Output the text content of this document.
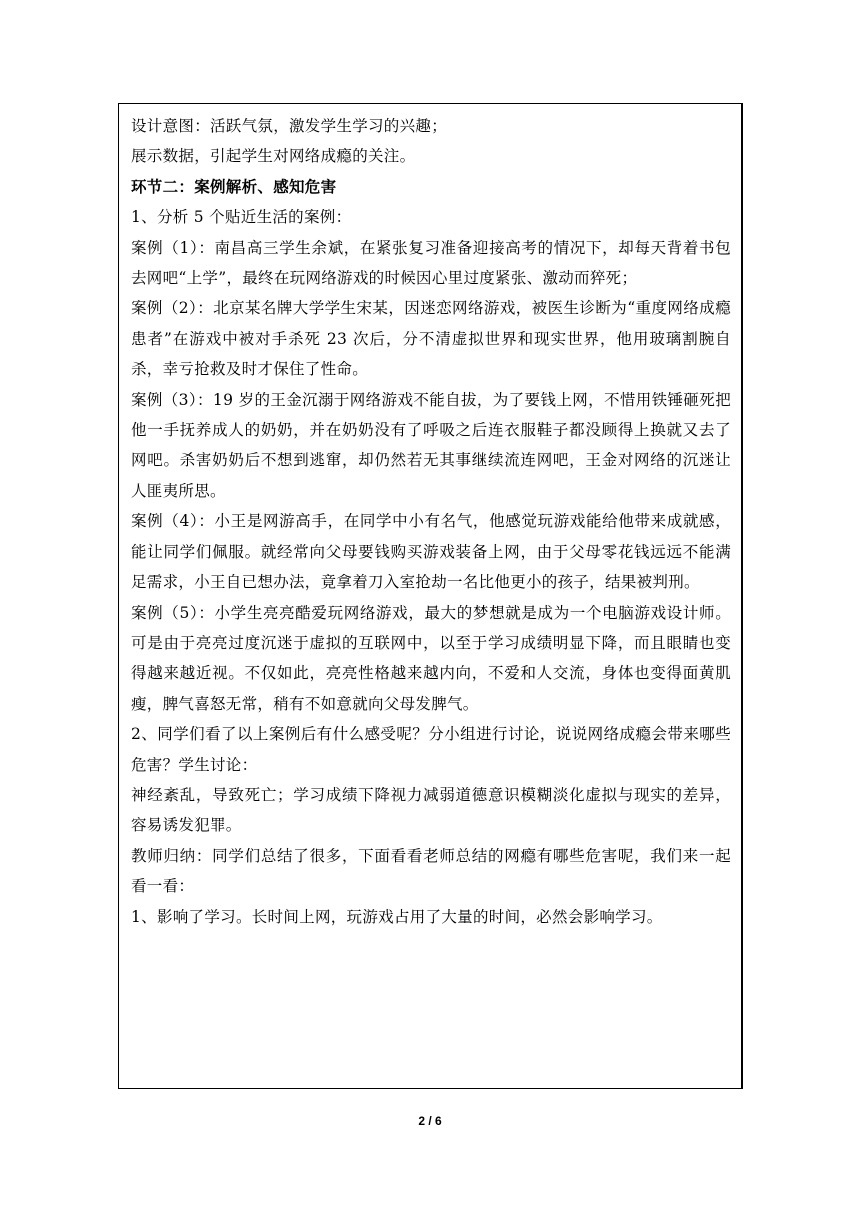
设计意图：活跃气氛，激发学生学习的兴趣；

展示数据，引起学生对网络成瘾的关注。

环节二：案例解析、感知危害

1、分析 5 个贴近生活的案例：

案例（1）：南昌高三学生余斌，在紧张复习准备迎接高考的情况下，却每天背着书包去网吧“上学”，最终在玩网络游戏的时候因心里过度紧张、激动而猝死；

案例（2）：北京某名牌大学学生宋某，因迷恋网络游戏，被医生诊断为“重度网络成瘾患者”在游戏中被对手杀死 23 次后，分不清虚拟世界和现实世界，他用玻璃割腕自杀，幸亏抢救及时才保住了性命。

案例（3）：19 岁的王金沉溺于网络游戏不能自拔，为了要钱上网，不惜用铁锤砸死把他一手抚养成人的奶奶，并在奶奶没有了呼吸之后连衣服鞋子都没顾得上换就又去了网吧。杀害奶奶后不想到逃窜，却仍然若无其事继续流连网吧，王金对网络的沉迷让人匪夷所思。

案例（4）：小王是网游高手，在同学中小有名气，他感觉玩游戏能给他带来成就感，能让同学们佩服。就经常向父母要钱购买游戏装备上网，由于父母零花钱远远不能满足需求，小王自已想办法，竟拿着刀入室抢劫一名比他更小的孩子，结果被判刑。

案例（5）：小学生亮亮酷爱玩网络游戏，最大的梦想就是成为一个电脑游戏设计师。可是由于亮亮过度沉迷于虚拟的互联网中，以至于学习成绩明显下降，而且眼睛也变得越来越近视。不仅如此，亮亮性格越来越内向，不爱和人交流，身体也变得面黄肌瘦，脾气喜怒无常，稍有不如意就向父母发脾气。

2、同学们看了以上案例后有什么感受呢？分小组进行讨论，说说网络成瘾会带来哪些危害？学生讨论：

神经紊乱，导致死亡；学习成绩下降视力减弱道德意识模糊淡化虚拟与现实的差异，容易诱发犯罪。

教师归纳：同学们总结了很多，下面看看老师总结的网瘾有哪些危害呢，我们来一起看一看：

1、影响了学习。长时间上网，玩游戏占用了大量的时间，必然会影响学习。

2 / 6
